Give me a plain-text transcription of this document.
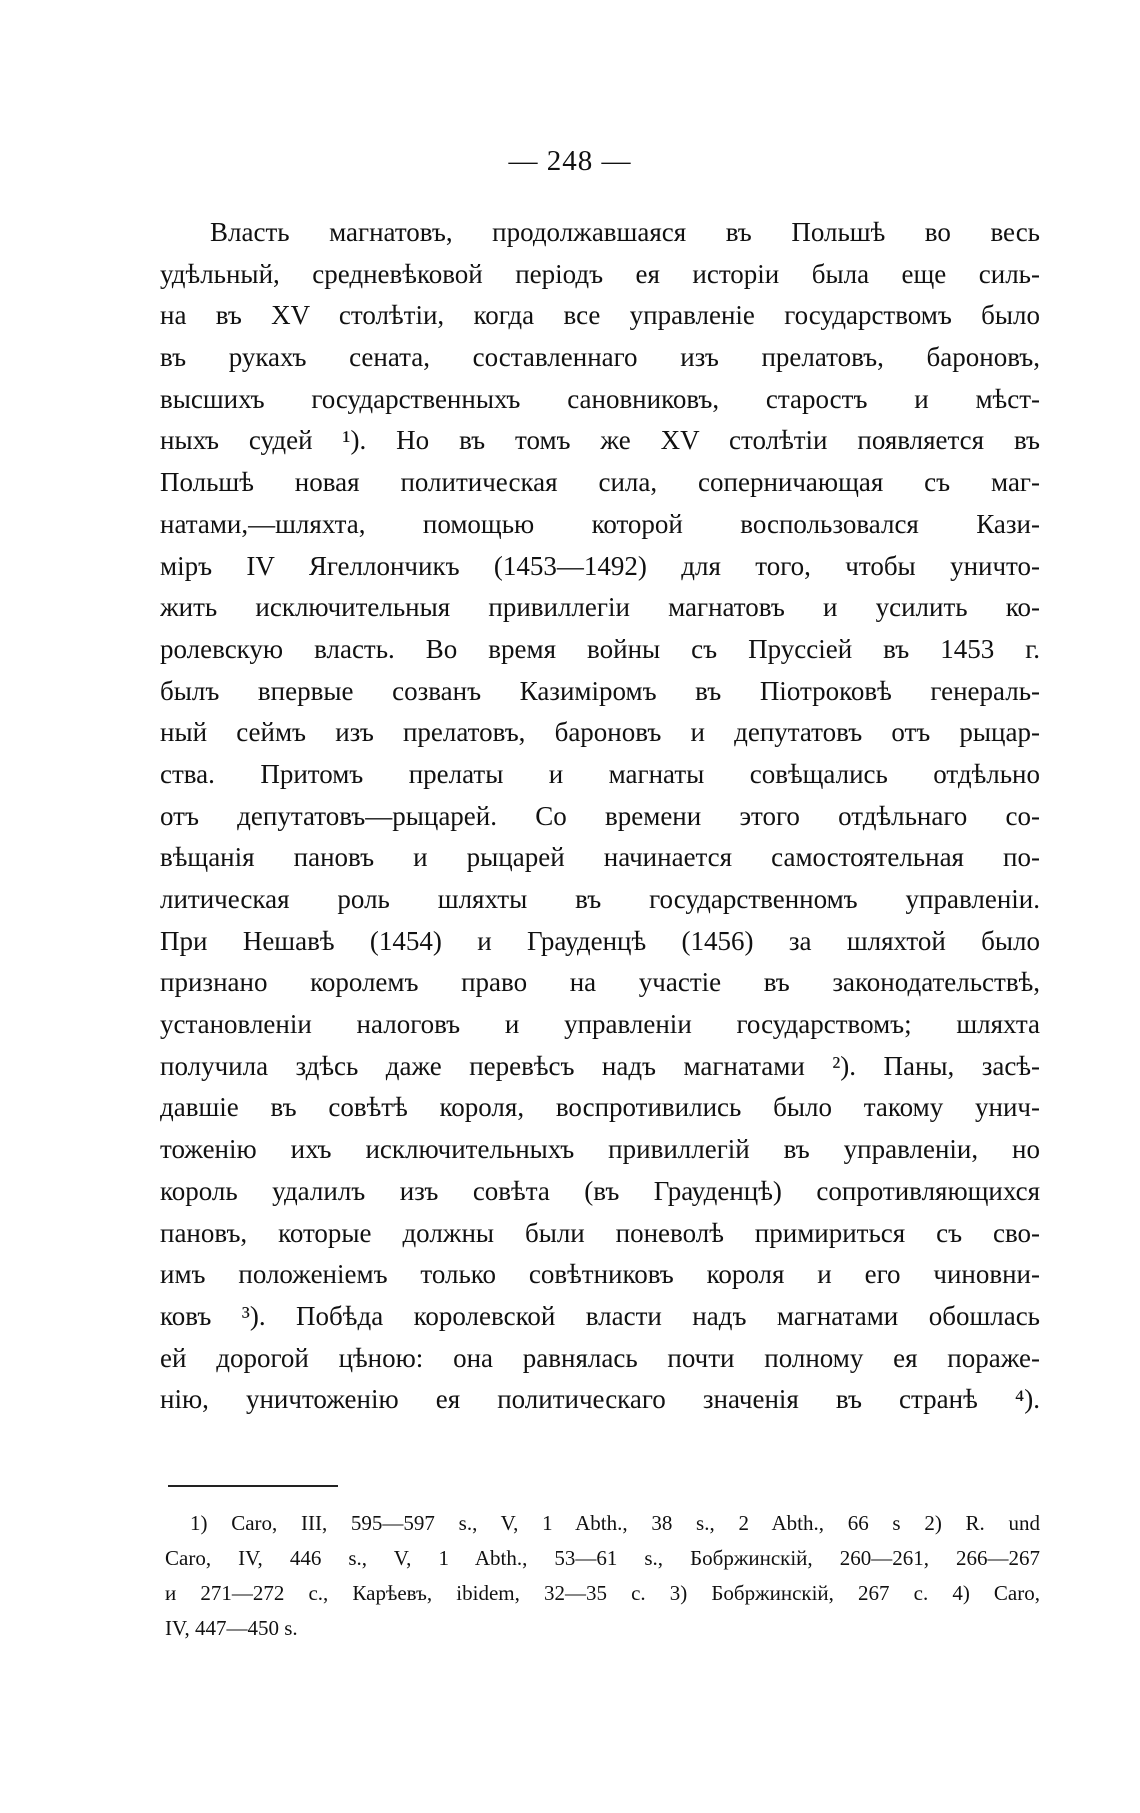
— 248 —
Власть магнатовъ, продолжавшаяся въ Польшѣ во весь
удѣльный, средневѣковой періодъ ея исторіи была еще силь-
на въ XV столѣтіи, когда все управленіе государствомъ было
въ рукахъ сената, составленнаго изъ прелатовъ, бароновъ,
высшихъ государственныхъ сановниковъ, старостъ и мѣст-
ныхъ судей ¹). Но въ томъ же XV столѣтіи появляется въ
Польшѣ новая политическая сила, соперничающая съ маг-
натами,—шляхта, помощью которой воспользовался Кази-
міръ IV Ягеллончикъ (1453—1492) для того, чтобы уничто-
жить исключительныя привиллегіи магнатовъ и усилить ко-
ролевскую власть. Во время войны съ Пруссіей въ 1453 г.
былъ впервые созванъ Казиміромъ въ Піотроковѣ генераль-
ный сеймъ изъ прелатовъ, бароновъ и депутатовъ отъ рыцар-
ства. Притомъ прелаты и магнаты совѣщались отдѣльно
отъ депутатовъ—рыцарей. Со времени этого отдѣльнаго со-
вѣщанія пановъ и рыцарей начинается самостоятельная по-
литическая роль шляхты въ государственномъ управленіи.
При Нешавѣ (1454) и Грауденцѣ (1456) за шляхтой было
признано королемъ право на участіе въ законодательствѣ,
установленіи налоговъ и управленіи государствомъ; шляхта
получила здѣсь даже перевѣсъ надъ магнатами ²). Паны, засѣ-
давшіе въ совѣтѣ короля, воспротивились было такому унич-
тоженію ихъ исключительныхъ привиллегій въ управленіи, но
король удалилъ изъ совѣта (въ Грауденцѣ) сопротивляющихся
пановъ, которые должны были поневолѣ примириться съ сво-
имъ положеніемъ только совѣтниковъ короля и его чиновни-
ковъ ³). Побѣда королевской власти надъ магнатами обошлась
ей дорогой цѣною: она равнялась почти полному ея пораже-
нію, уничтоженію ея политическаго значенія въ странѣ ⁴).
1) Caro, III, 595—597 s., V, 1 Abth., 38 s., 2 Abth., 66 s 2) R. und
Caro, IV, 446 s., V, 1 Abth., 53—61 s., Бобржинскій, 260—261, 266—267
и 271—272 с., Карѣевъ, ibidem, 32—35 с. 3) Бобржинскій, 267 с. 4) Caro,
IV, 447—450 s.
